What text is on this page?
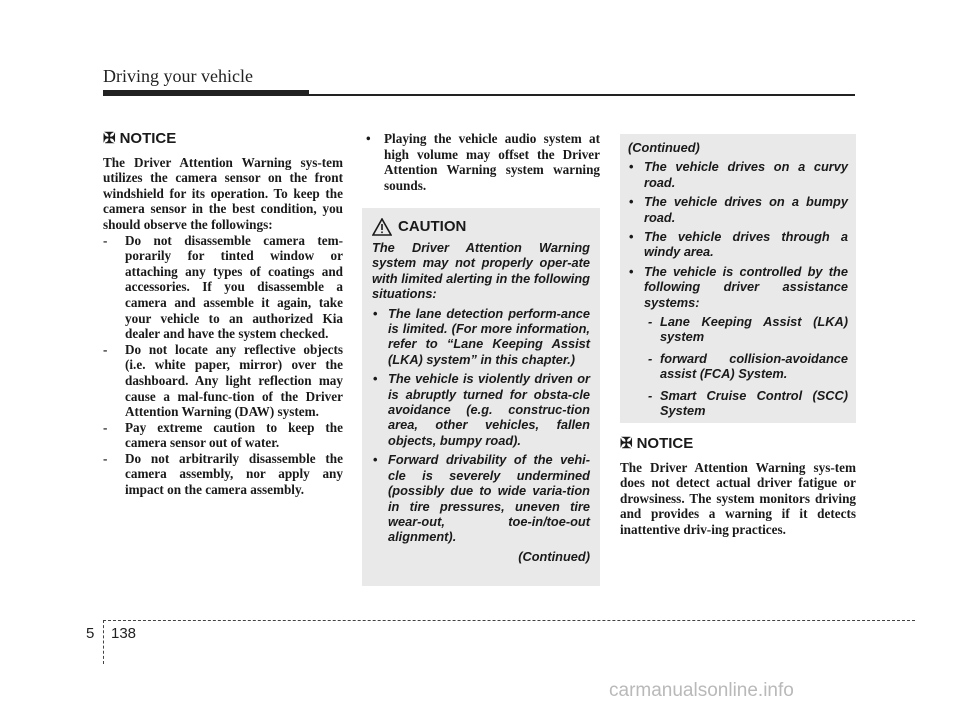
Driving your vehicle
✠ NOTICE

The Driver Attention Warning sys-tem utilizes the camera sensor on the front windshield for its operation. To keep the camera sensor in the best condition, you should observe the followings:

- Do not disassemble camera tem-porarily for tinted window or attaching any types of coatings and accessories. If you disassemble a camera and assemble it again, take your vehicle to an authorized Kia dealer and have the system checked.
- Do not locate any reflective objects (i.e. white paper, mirror) over the dashboard. Any light reflection may cause a mal-func-tion of the Driver Attention Warning (DAW) system.
- Pay extreme caution to keep the camera sensor out of water.
- Do not arbitrarily disassemble the camera assembly, nor apply any impact on the camera assembly.
• Playing the vehicle audio system at high volume may offset the Driver Attention Warning system warning sounds.
CAUTION

The Driver Attention Warning system may not properly oper-ate with limited alerting in the following situations:

• The lane detection perform-ance is limited. (For more information, refer to “Lane Keeping Assist (LKA) system” in this chapter.)
• The vehicle is violently driven or is abruptly turned for obsta-cle avoidance (e.g. construc-tion area, other vehicles, fallen objects, bumpy road).
• Forward drivability of the vehi-cle is severely undermined (possibly due to wide varia-tion in tire pressures, uneven tire wear-out, toe-in/toe-out alignment).
(Continued)

(Continued)

• The vehicle drives on a curvy road.
• The vehicle drives on a bumpy road.
• The vehicle drives through a windy area.
• The vehicle is controlled by the following driver assistance systems:
- Lane Keeping Assist (LKA) system
- forward collision-avoidance assist (FCA) System.
- Smart Cruise Control (SCC) System
✠ NOTICE

The Driver Attention Warning sys-tem does not detect actual driver fatigue or drowsiness. The system monitors driving and provides a warning if it detects inattentive driv-ing practices.

5 138
carmanualsonline.info
